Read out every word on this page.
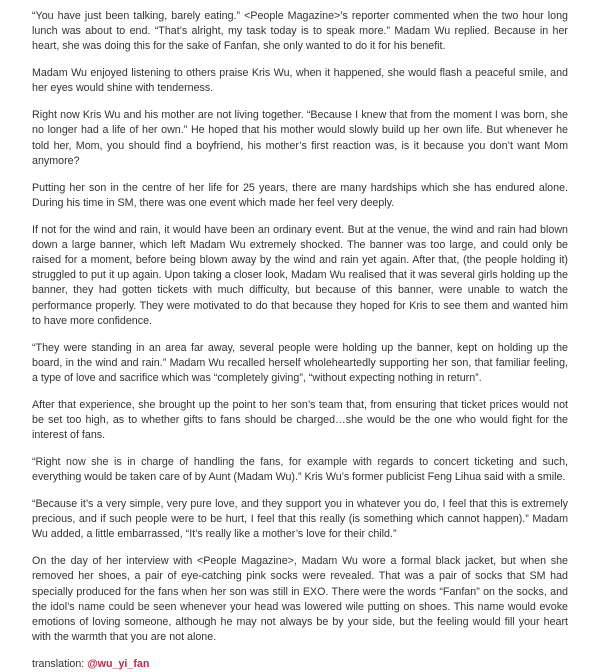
“You have just been talking, barely eating.” <People Magazine>’s reporter commented when the two hour long lunch was about to end. “That’s alright, my task today is to speak more.” Madam Wu replied. Because in her heart, she was doing this for the sake of Fanfan, she only wanted to do it for his benefit.

Madam Wu enjoyed listening to others praise Kris Wu, when it happened, she would flash a peaceful smile, and her eyes would shine with tenderness.

Right now Kris Wu and his mother are not living together. “Because I knew that from the moment I was born, she no longer had a life of her own.” He hoped that his mother would slowly build up her own life. But whenever he told her, Mom, you should find a boyfriend, his mother’s first reaction was, is it because you don’t want Mom anymore?

Putting her son in the centre of her life for 25 years, there are many hardships which she has endured alone. During his time in SM, there was one event which made her feel very deeply.

If not for the wind and rain, it would have been an ordinary event. But at the venue, the wind and rain had blown down a large banner, which left Madam Wu extremely shocked. The banner was too large, and could only be raised for a moment, before being blown away by the wind and rain yet again. After that, (the people holding it) struggled to put it up again. Upon taking a closer look, Madam Wu realised that it was several girls holding up the banner, they had gotten tickets with much difficulty, but because of this banner, were unable to watch the performance properly. They were motivated to do that because they hoped for Kris to see them and wanted him to have more confidence.

“They were standing in an area far away, several people were holding up the banner, kept on holding up the board, in the wind and rain.” Madam Wu recalled herself wholeheartedly supporting her son, that familiar feeling, a type of love and sacrifice which was “completely giving”, “without expecting nothing in return”.

After that experience, she brought up the point to her son’s team that, from ensuring that ticket prices would not be set too high, as to whether gifts to fans should be charged…she would be the one who would fight for the interest of fans.

“Right now she is in charge of handling the fans, for example with regards to concert ticketing and such, everything would be taken care of by Aunt (Madam Wu).” Kris Wu’s former publicist Feng Lihua said with a smile.

“Because it’s a very simple, very pure love, and they support you in whatever you do, I feel that this is extremely precious, and if such people were to be hurt, I feel that this really (is something which cannot happen).” Madam Wu added, a little embarrassed, “It’s really like a mother’s love for their child.”

On the day of her interview with <People Magazine>, Madam Wu wore a formal black jacket, but when she removed her shoes, a pair of eye-catching pink socks were revealed. That was a pair of socks that SM had specially produced for the fans when her son was still in EXO. There were the words “Fanfan” on the socks, and the idol’s name could be seen whenever your head was lowered wile putting on shoes. This name would evoke emotions of loving someone, although he may not always be by your side, but the feeling would fill your heart with the warmth that you are not alone.

translation: @wu_yi_fan
